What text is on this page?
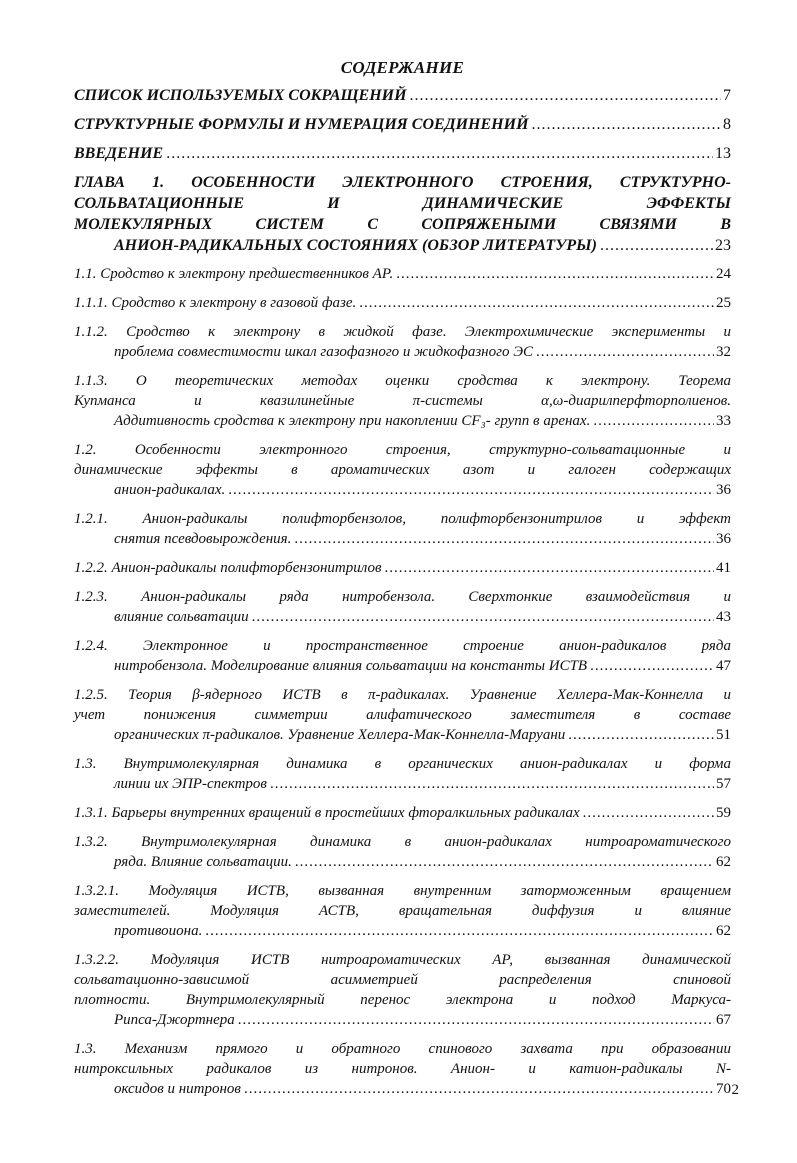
СОДЕРЖАНИЕ
СПИСОК ИСПОЛЬЗУЕМЫХ СОКРАЩЕНИЙ .....	7
СТРУКТУРНЫЕ ФОРМУЛЫ И НУМЕРАЦИЯ СОЕДИНЕНИЙ .....	8
ВВЕДЕНИЕ .....	13
ГЛАВА 1. ОСОБЕННОСТИ ЭЛЕКТРОННОГО СТРОЕНИЯ, СТРУКТУРНО-
СОЛЬВАТАЦИОННЫЕ И ДИНАМИЧЕСКИЕ ЭФФЕКТЫ
МОЛЕКУЛЯРНЫХ СИСТЕМ С СОПРЯЖЕНЫМИ СВЯЗЯМИ В
АНИОН-РАДИКАЛЬНЫХ СОСТОЯНИЯХ (ОБЗОР ЛИТЕРАТУРЫ) .....	23
1.1. Сродство к электрону предшественников АР. .....	24
1.1.1. Сродство к электрону в газовой фазе. .....	25
1.1.2. Сродство к электрону в жидкой фазе. Электрохимические эксперименты и
проблема совместимости шкал газофазного и жидкофазного ЭС .....	32
1.1.3. О теоретических методах оценки сродства к электрону. Теорема
Купманса и квазилинейные π-системы α,ω-диарилперфторполиенов.
Аддитивность сродства к электрону при накоплении CF₃- групп в аренах. .....	33
1.2. Особенности электронного строения, структурно-сольватационные и
динамические эффекты в ароматических азот и галоген содержащих
анион-радикалах. .....	36
1.2.1. Анион-радикалы полифторбензолов, полифторбензонитрилов и эффект
снятия псевдовырождения. .....	36
1.2.2. Анион-радикалы полифторбензонитрилов .....	41
1.2.3. Анион-радикалы ряда нитробензола. Сверхтонкие взаимодействия и
влияние сольватации .....	43
1.2.4. Электронное и пространственное строение анион-радикалов ряда
нитробензола. Моделирование влияния сольватации на константы ИСТВ .....	47
1.2.5. Теория β-ядерного ИСТВ в π-радикалах. Уравнение Хеллера-Мак-Коннелла и
учет понижения симметрии алифатического заместителя в составе
органических π-радикалов. Уравнение Хеллера-Мак-Коннелла-Маруани .....	51
1.3. Внутримолекулярная динамика в органических анион-радикалах и форма
линии их ЭПР-спектров .....	57
1.3.1. Барьеры внутренних вращений в простейших фторалкильных радикалах .....	59
1.3.2. Внутримолекулярная динамика в анион-радикалах нитроароматического
ряда. Влияние сольватации. .....	62
1.3.2.1. Модуляция ИСТВ, вызванная внутренним заторможенным вращением
заместителей. Модуляция АСТВ, вращательная диффузия и влияние
противоиона. .....	62
1.3.2.2. Модуляция ИСТВ нитроароматических АР, вызванная динамической
сольватационно-зависимой асимметрией распределения спиновой
плотности. Внутримолекулярный перенос электрона и подход Маркуса-
Рипса-Джортнера .....	67
1.3. Механизм прямого и обратного спинового захвата при образовании
нитроксильных радикалов из нитронов. Анион- и катион-радикалы N-
оксидов и нитронов .....	70 2
